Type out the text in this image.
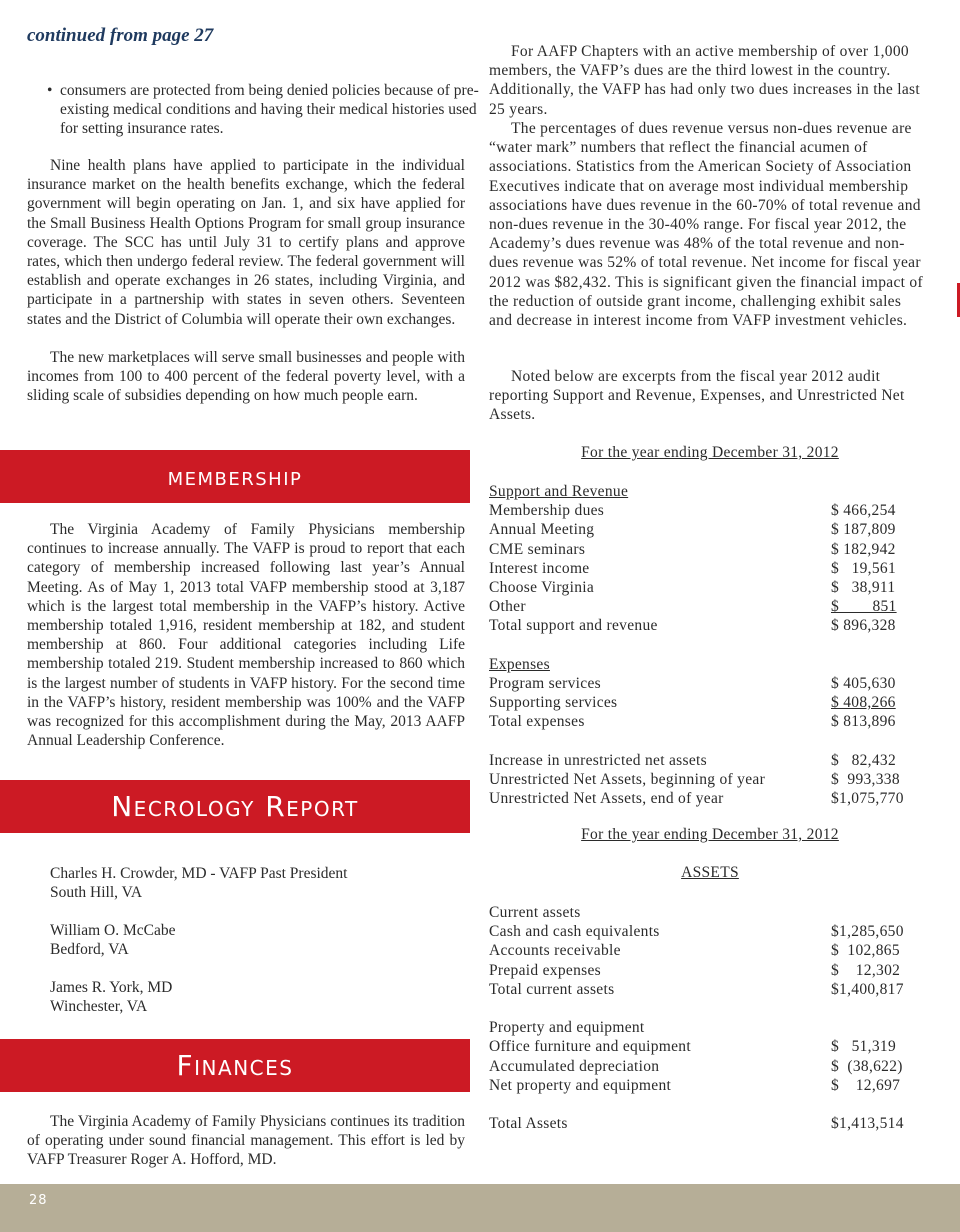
continued from page 27
• consumers are protected from being denied policies because of pre-existing medical conditions and having their medical histories used for setting insurance rates.

Nine health plans have applied to participate in the individual insurance market on the health benefits exchange, which the federal government will begin operating on Jan. 1, and six have applied for the Small Business Health Options Program for small group insurance coverage. The SCC has until July 31 to certify plans and approve rates, which then undergo federal review. The federal government will establish and operate exchanges in 26 states, including Virginia, and participate in a partnership with states in seven others. Seventeen states and the District of Columbia will operate their own exchanges.

The new marketplaces will serve small businesses and people with incomes from 100 to 400 percent of the federal poverty level, with a sliding scale of subsidies depending on how much people earn.

membership

The Virginia Academy of Family Physicians membership continues to increase annually. The VAFP is proud to report that each category of membership increased following last year’s Annual Meeting. As of May 1, 2013 total VAFP membership stood at 3,187 which is the largest total membership in the VAFP’s history. Active membership totaled 1,916, resident membership at 182, and student membership at 860. Four additional categories including Life membership totaled 219. Student membership increased to 860 which is the largest number of students in VAFP history. For the second time in the VAFP’s history, resident membership was 100% and the VAFP was recognized for this accomplishment during the May, 2013 AAFP Annual Leadership Conference.

Necrology Report
Charles H. Crowder, MD - VAFP Past President
South Hill, VA
William O. McCabe
Bedford, VA
James R. York, MD
Winchester, VA
Finances

The Virginia Academy of Family Physicians continues its tradition of operating under sound financial management. This effort is led by VAFP Treasurer Roger A. Hofford, MD.

For AAFP Chapters with an active membership of over 1,000 members, the VAFP’s dues are the third lowest in the country. Additionally, the VAFP has had only two dues increases in the last 25 years.

The percentages of dues revenue versus non-dues revenue are “water mark” numbers that reflect the financial acumen of associations. Statistics from the American Society of Association Executives indicate that on average most individual membership associations have dues revenue in the 60-70% of total revenue and non-dues revenue in the 30-40% range. For fiscal year 2012, the Academy’s dues revenue was 48% of the total revenue and non-dues revenue was 52% of total revenue. Net income for fiscal year 2012 was $82,432. This is significant given the financial impact of the reduction of outside grant income, challenging exhibit sales and decrease in interest income from VAFP investment vehicles.

Noted below are excerpts from the fiscal year 2012 audit reporting Support and Revenue, Expenses, and Unrestricted Net Assets.

For the year ending December 31, 2012
Support and Revenue
Membership dues	$ 466,254
Annual Meeting	$ 187,809
CME seminars	$ 182,942
Interest income	$   19,561
Choose Virginia	$   38,911
Other	$        851
Total support and revenue	$ 896,328
Expenses
Program services	$ 405,630
Supporting services	$ 408,266
Total expenses	$ 813,896
Increase in unrestricted net assets	$   82,432
Unrestricted Net Assets, beginning of year	$  993,338
Unrestricted Net Assets, end of year	$1,075,770
For the year ending December 31, 2012
ASSETS
Current assets
Cash and cash equivalents	$1,285,650
Accounts receivable	$  102,865
Prepaid expenses	$    12,302
Total current assets	$1,400,817
Property and equipment
Office furniture and equipment	$   51,319
Accumulated depreciation	$  (38,622)
Net property and equipment	$    12,697
Total Assets	$1,413,514
28
